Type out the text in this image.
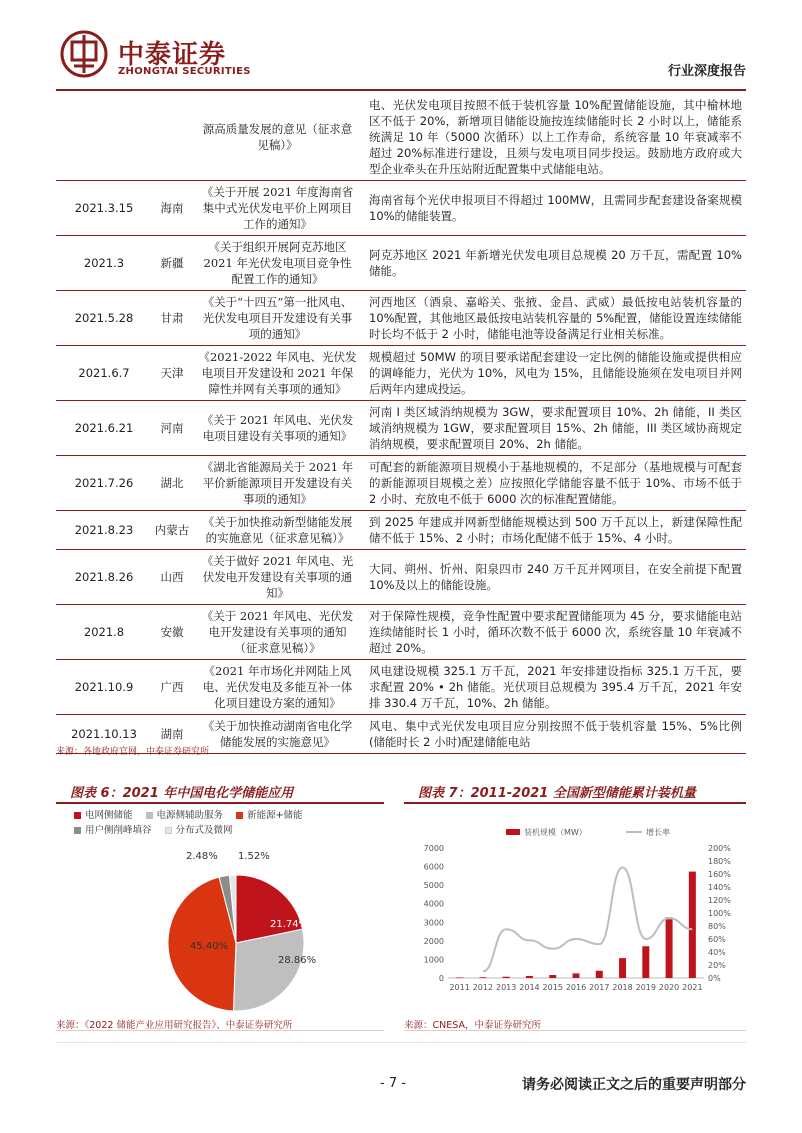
中泰证券
ZHONGTAI SECURITIES	行业深度报告
		源高质量发展的意见（征求意见稿）》	电、光伏发电项目按照不低于装机容量 10%配置储能设施，其中榆林地区不低于 20%，新增项目储能设施按连续储能时长 2 小时以上，储能系统满足 10 年（5000 次循环）以上工作寿命，系统容量 10 年衰减率不超过 20%标准进行建设，且须与发电项目同步投运。鼓励地方政府或大型企业牵头在升压站附近配置集中式储能电站。
2021.3.15	海南	《关于开展 2021 年度海南省集中式光伏发电平价上网项目工作的通知》	海南省每个光伏申报项目不得超过 100MW，且需同步配套建设备案规模 10%的储能装置。
2021.3	新疆	《关于组织开展阿克苏地区 2021 年光伏发电项目竞争性配置工作的通知》	阿克苏地区 2021 年新增光伏发电项目总规模 20 万千瓦，需配置 10%储能。
2021.5.28	甘肃	《关于“十四五”第一批风电、光伏发电项目开发建设有关事项的通知》	河西地区（酒泉、嘉峪关、张掖、金昌、武威）最低按电站装机容量的 10%配置，其他地区最低按电站装机容量的 5%配置，储能设置连续储能时长均不低于 2 小时，储能电池等设备满足行业相关标准。
2021.6.7	天津	《2021-2022 年风电、光伏发电项目开发建设和 2021 年保障性并网有关事项的通知》	规模超过 50MW 的项目要承诺配套建设一定比例的储能设施或提供相应的调峰能力，光伏为 10%，风电为 15%，且储能设施须在发电项目并网后两年内建成投运。
2021.6.21	河南	《关于 2021 年风电、光伏发电项目建设有关事项的通知》	河南 I 类区域消纳规模为 3GW，要求配置项目 10%、2h 储能，II 类区域消纳规模为 1GW，要求配置项目 15%、2h 储能，III 类区域协商规定消纳规模，要求配置项目 20%、2h 储能。
2021.7.26	湖北	《湖北省能源局关于 2021 年平价新能源项目开发建设有关事项的通知》	可配套的新能源项目规模小于基地规模的，不足部分（基地规模与可配套的新能源项目规模之差）应按照化学储能容量不低于 10%、市场不低于 2 小时、充放电不低于 6000 次的标准配置储能。
2021.8.23	内蒙古	《关于加快推动新型储能发展的实施意见（征求意见稿）》	到 2025 年建成并网新型储能规模达到 500 万千瓦以上，新建保障性配储不低于 15%、2 小时；市场化配储不低于 15%、4 小时。
2021.8.26	山西	《关于做好 2021 年风电、光伏发电开发建设有关事项的通知》	大同、朔州、忻州、阳泉四市 240 万千瓦并网项目，在安全前提下配置 10%及以上的储能设施。
2021.8	安徽	《关于 2021 年风电、光伏发电开发建设有关事项的通知（征求意见稿）》	对于保障性规模，竞争性配置中要求配置储能项为 45 分，要求储能电站连续储能时长 1 小时，循环次数不低于 6000 次，系统容量 10 年衰减不超过 20%。
2021.10.9	广西	《2021 年市场化并网陆上风电、光伏发电及多能互补一体化项目建设方案的通知》	风电建设规模 325.1 万千瓦，2021 年安排建设指标 325.1 万千瓦，要求配置 20% • 2h 储能。光伏项目总规模为 395.4 万千瓦，2021 年安排 330.4 万千瓦，10%、2h 储能。
2021.10.13	湖南	《关于加快推动湖南省电化学储能发展的实施意见》	风电、集中式光伏发电项目应分别按照不低于装机容量 15%、5%比例(储能时长 2 小时)配建储能电站
来源：各地政府官网，中泰证券研究所
图表 6：2021 年中国电化学储能应用
电网侧储能	电源侧辅助服务	新能源+储能
用户侧削峰填谷	分布式及微网
21.74%
28.86%
45.40%
2.48% 1.52%
来源：《2022 储能产业应用研究报告》、中泰证券研究所
图表 7：2011-2021 全国新型储能累计装机量
装机规模（MW）	增长率
0
1000
2000
3000
4000
5000
6000
7000
0%
20%
40%
60%
80%
100%
120%
140%
160%
180%
200%
2011 2012 2013 2014 2015 2016 2017 2018 2019 2020 2021
来源：CNESA，中泰证券研究所
- 7 -	请务必阅读正文之后的重要声明部分
